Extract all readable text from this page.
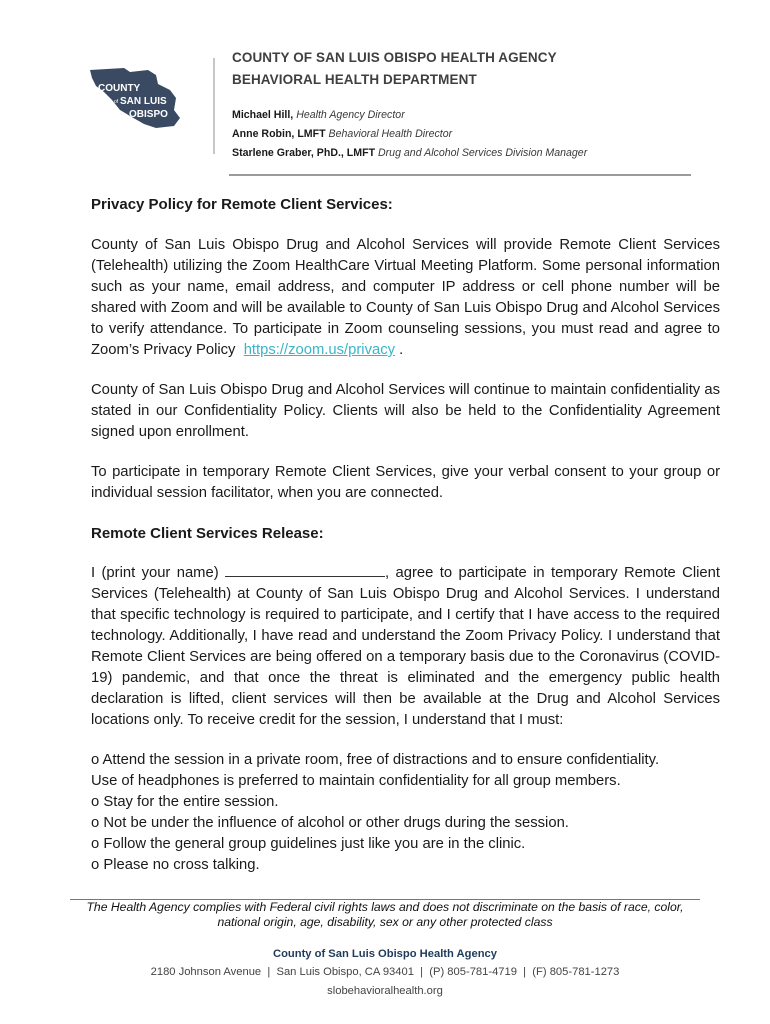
COUNTY
of SAN LUIS
OBISPO
COUNTY OF SAN LUIS OBISPO HEALTH AGENCY
BEHAVIORAL HEALTH DEPARTMENT
Michael Hill, Health Agency Director
Anne Robin, LMFT Behavioral Health Director
Starlene Graber, PhD., LMFT Drug and Alcohol Services Division Manager

Privacy Policy for Remote Client Services:

County of San Luis Obispo Drug and Alcohol Services will provide Remote Client Services (Telehealth) utilizing the Zoom HealthCare Virtual Meeting Platform. Some personal information such as your name, email address, and computer IP address or cell phone number will be shared with Zoom and will be available to County of San Luis Obispo Drug and Alcohol Services to verify attendance. To participate in Zoom counseling sessions, you must read and agree to Zoom’s Privacy Policy https://zoom.us/privacy .

County of San Luis Obispo Drug and Alcohol Services will continue to maintain confidentiality as stated in our Confidentiality Policy. Clients will also be held to the Confidentiality Agreement signed upon enrollment.

To participate in temporary Remote Client Services, give your verbal consent to your group or individual session facilitator, when you are connected.

Remote Client Services Release:

I (print your name)	, agree to participate in temporary Remote Client Services (Telehealth) at County of San Luis Obispo Drug and Alcohol Services. I understand that specific technology is required to participate, and I certify that I have access to the required technology. Additionally, I have read and understand the Zoom Privacy Policy. I understand that Remote Client Services are being offered on a temporary basis due to the Coronavirus (COVID-19) pandemic, and that once the threat is eliminated and the emergency public health declaration is lifted, client services will then be available at the Drug and Alcohol Services locations only. To receive credit for the session, I understand that I must:

o Attend the session in a private room, free of distractions and to ensure confidentiality.

Use of headphones is preferred to maintain confidentiality for all group members.

o Stay for the entire session.

o Not be under the influence of alcohol or other drugs during the session.

o Follow the general group guidelines just like you are in the clinic.

o Please no cross talking.

The Health Agency complies with Federal civil rights laws and does not discriminate on the basis of race, color,
national origin, age, disability, sex or any other protected class
County of San Luis Obispo Health Agency
2180 Johnson Avenue  |  San Luis Obispo, CA 93401  |  (P) 805-781-4719  |  (F) 805-781-1273
slobehavioralhealth.org
